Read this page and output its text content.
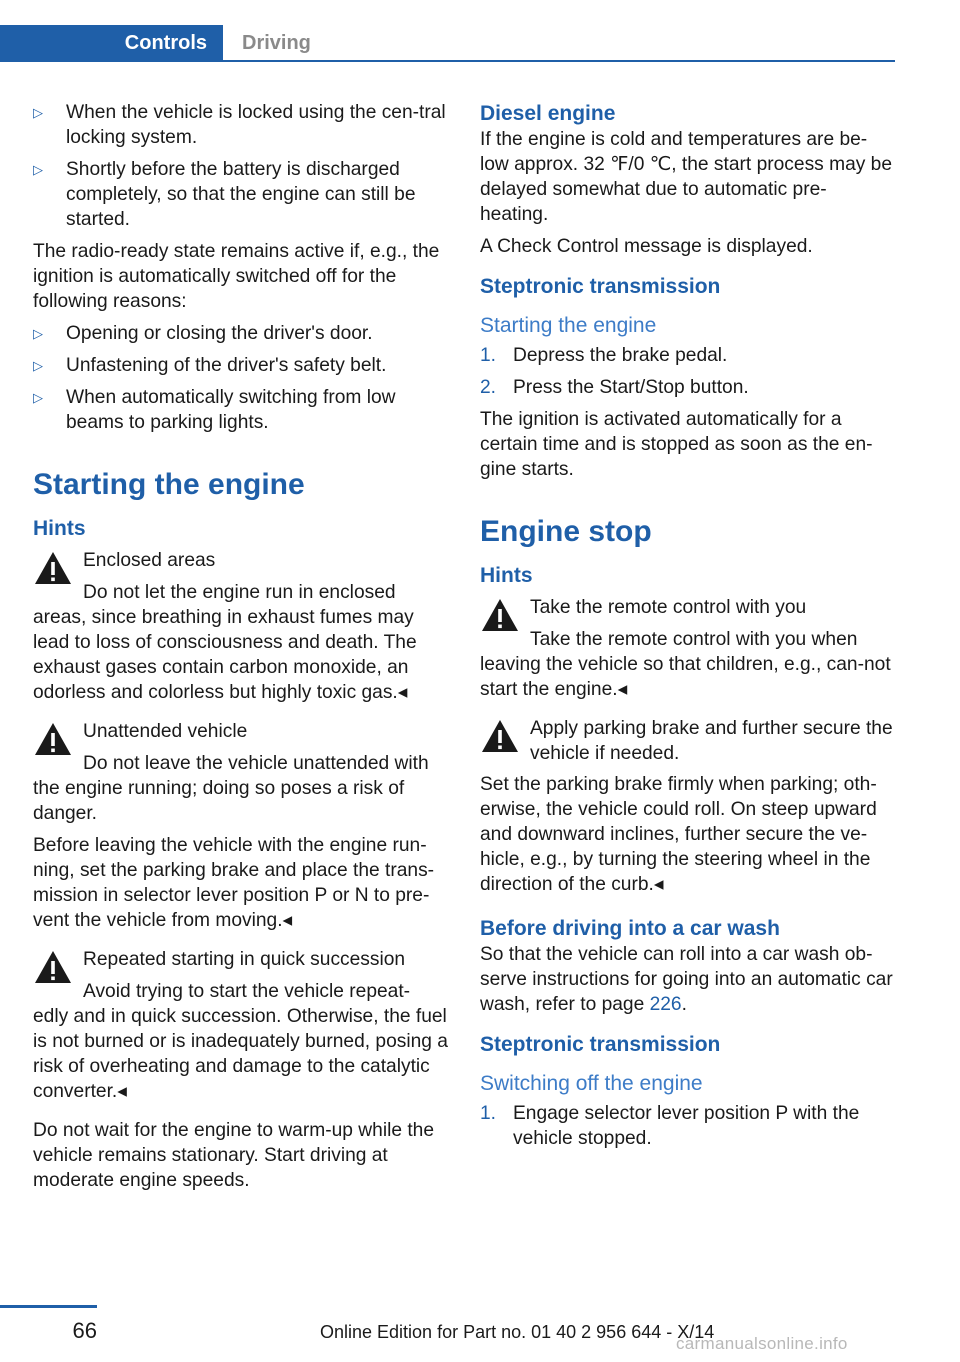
Controls Driving
▷	When the vehicle is locked using the cen-tral locking system.
▷	Shortly before the battery is discharged completely, so that the engine can still be started.

The radio-ready state remains active if, e.g., the ignition is automatically switched off for the following reasons:

▷	Opening or closing the driver's door.
▷	Unfastening of the driver's safety belt.
▷	When automatically switching from low beams to parking lights.
Starting the engine
Hints

Enclosed areas

Do not let the engine run in enclosed

areas, since breathing in exhaust fumes may lead to loss of consciousness and death. The exhaust gases contain carbon monoxide, an odorless and colorless but highly toxic gas.◂

Unattended vehicle

Do not leave the vehicle unattended with

the engine running; doing so poses a risk of danger.

Before leaving the vehicle with the engine run-ning, set the parking brake and place the trans-mission in selector lever position P or N to pre-vent the vehicle from moving.◂

Repeated starting in quick succession

Avoid trying to start the vehicle repeat-

edly and in quick succession. Otherwise, the fuel is not burned or is inadequately burned, posing a risk of overheating and damage to the catalytic converter.◂

Do not wait for the engine to warm-up while the vehicle remains stationary. Start driving at moderate engine speeds.

Diesel engine

If the engine is cold and temperatures are be-low approx. 32 ℉/0 ℃, the start process may be delayed somewhat due to automatic pre-heating.

A Check Control message is displayed.

Steptronic transmission
Starting the engine
1. Depress the brake pedal.
2. Press the Start/Stop button.

The ignition is activated automatically for a certain time and is stopped as soon as the en-gine starts.

Engine stop
Hints

Take the remote control with you

Take the remote control with you when

leaving the vehicle so that children, e.g., can-not start the engine.◂

Apply parking brake and further secure the vehicle if needed.

Set the parking brake firmly when parking; oth-erwise, the vehicle could roll. On steep upward and downward inclines, further secure the ve-hicle, e.g., by turning the steering wheel in the direction of the curb.◂

Before driving into a car wash

So that the vehicle can roll into a car wash ob-serve instructions for going into an automatic car wash, refer to page 226.

Steptronic transmission
Switching off the engine
1. Engage selector lever position P with the vehicle stopped.
66	Online Edition for Part no. 01 40 2 956 644 - X/14
carmanualsonline.info
